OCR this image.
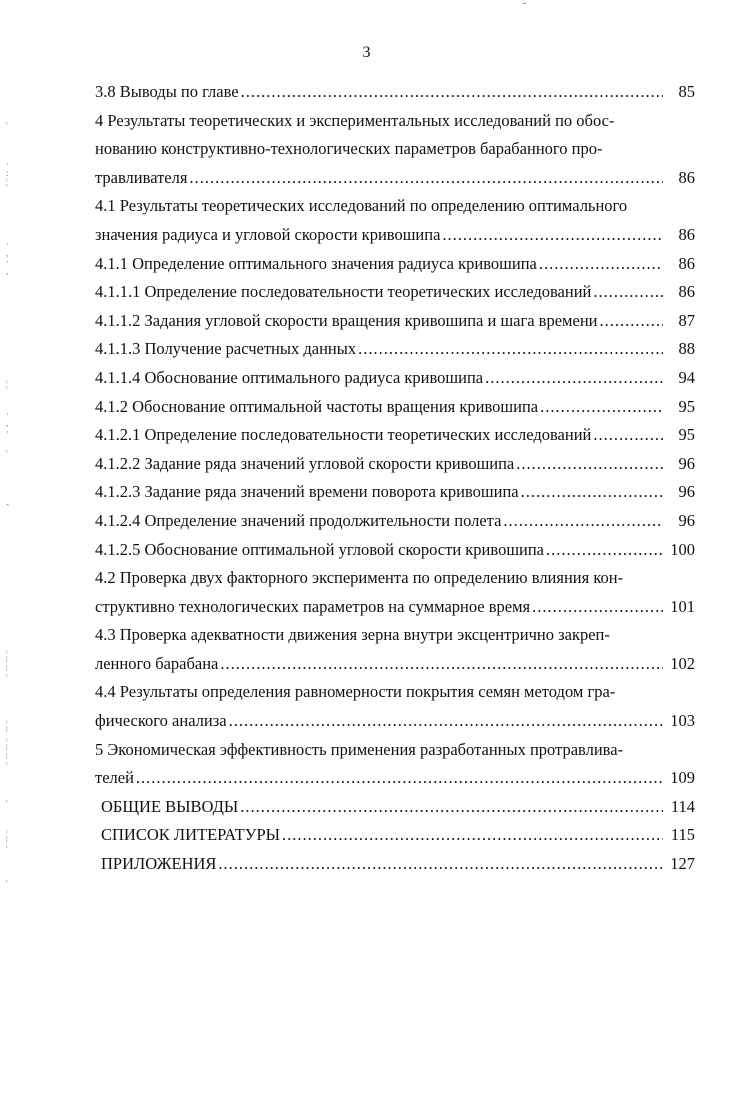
˘
3
3.8 Выводы по главе .....	85
4 Результаты теоретических и экспериментальных исследований по обос-
нованию конструктивно-технологических параметров барабанного про-
травливателя .....	86
4.1 Результаты теоретических исследований по определению оптимального
значения радиуса и угловой скорости кривошипа .....	86
4.1.1 Определение оптимального значения радиуса кривошипа .....	86
4.1.1.1 Определение последовательности теоретических исследований .....	86
4.1.1.2 Задания угловой скорости вращения кривошипа и шага времени .....	87
4.1.1.3 Получение расчетных данных .....	88
4.1.1.4 Обоснование оптимального радиуса кривошипа .....	94
4.1.2 Обоснование оптимальной частоты вращения кривошипа .....	95
4.1.2.1 Определение последовательности теоретических исследований .....	95
4.1.2.2 Задание ряда значений угловой скорости кривошипа .....	96
4.1.2.3 Задание ряда значений времени поворота кривошипа .....	96
4.1.2.4 Определение значений продолжительности полета .....	96
4.1.2.5 Обоснование оптимальной угловой скорости кривошипа .....	100
4.2 Проверка двух факторного эксперимента по определению влияния кон-
структивно технологических параметров на суммарное время .....	101
4.3 Проверка адекватности движения зерна внутри эксцентрично закреп-
ленного барабана .....	102
4.4 Результаты определения равномерности покрытия семян методом гра-
фического анализа .....	103
5 Экономическая эффективность применения разработанных протравлива-
телей .....	109
ОБЩИЕ ВЫВОДЫ .....	114
СПИСОК ЛИТЕРАТУРЫ .....	115
ПРИЛОЖЕНИЯ .....	127
'
·
:
¦
·
,
·
,
¦
·
,
·
'
-
¦
¦
¦
¦
'
¦
¦
¦
'
¦
¦
'
